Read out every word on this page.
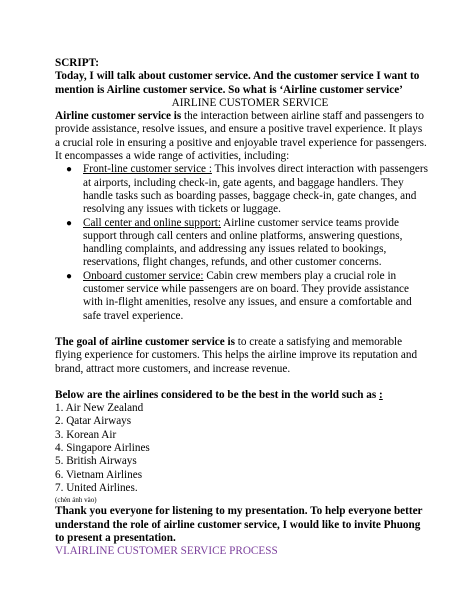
SCRIPT:
Today, I will talk about customer service. And the customer service I want to
mention is Airline customer service. So what is ‘Airline customer service’
AIRLINE CUSTOMER SERVICE
Airline customer service is the interaction between airline staff and passengers to
provide assistance, resolve issues, and ensure a positive travel experience. It plays
a crucial role in ensuring a positive and enjoyable travel experience for passengers.
It encompasses a wide range of activities, including:
● Front-line customer service : This involves direct interaction with passengers
at airports, including check-in, gate agents, and baggage handlers. They
handle tasks such as boarding passes, baggage check-in, gate changes, and
resolving any issues with tickets or luggage.
● Call center and online support: Airline customer service teams provide
support through call centers and online platforms, answering questions,
handling complaints, and addressing any issues related to bookings,
reservations, flight changes, refunds, and other customer concerns.
● Onboard customer service: Cabin crew members play a crucial role in
customer service while passengers are on board. They provide assistance
with in-flight amenities, resolve any issues, and ensure a comfortable and
safe travel experience.
The goal of airline customer service is to create a satisfying and memorable
flying experience for customers. This helps the airline improve its reputation and
brand, attract more customers, and increase revenue.
Below are the airlines considered to be the best in the world such as :
1. Air New Zealand
2. Qatar Airways
3. Korean Air
4. Singapore Airlines
5. British Airways
6. Vietnam Airlines
7. United Airlines.
(chèn ảnh vào)
Thank you everyone for listening to my presentation. To help everyone better
understand the role of airline customer service, I would like to invite Phuong
to present a presentation.
VI.AIRLINE CUSTOMER SERVICE PROCESS
